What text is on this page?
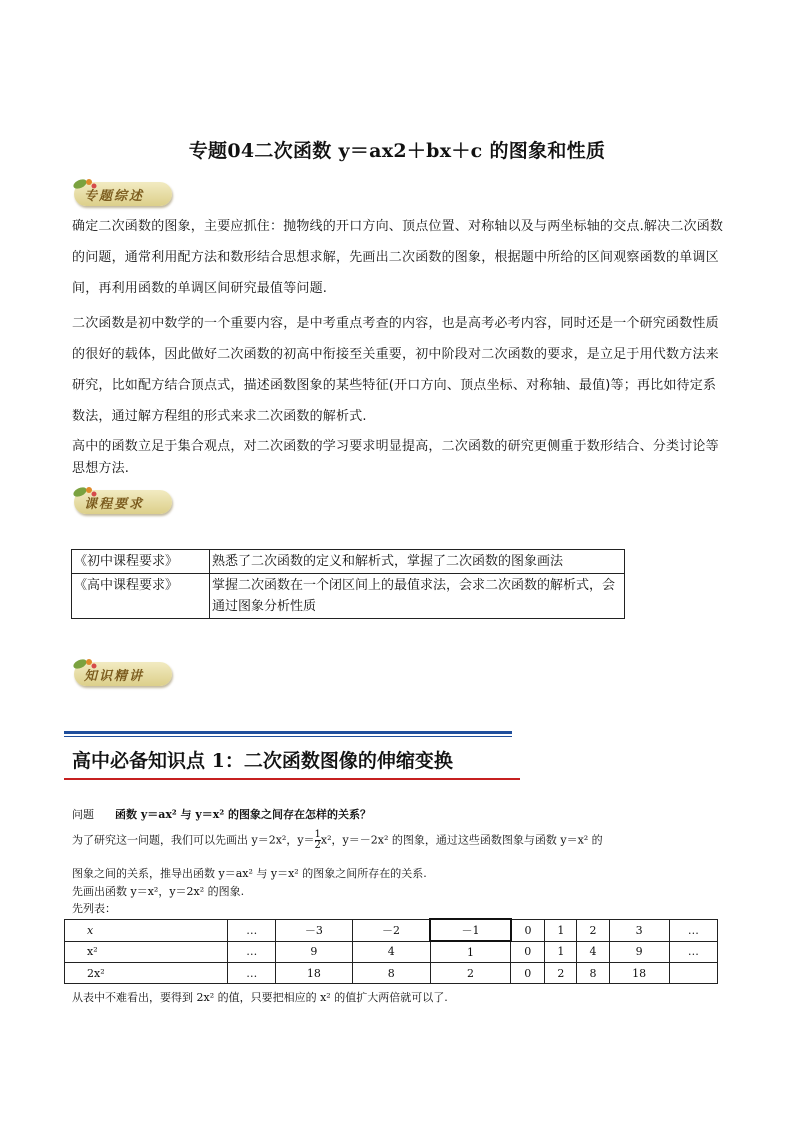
专题04二次函数 y＝ax2＋bx＋c 的图象和性质
专题综述

确定二次函数的图象，主要应抓住：抛物线的开口方向、顶点位置、对称轴以及与两坐标轴的交点.解决二次函数的问题，通常利用配方法和数形结合思想求解，先画出二次函数的图象，根据题中所给的区间观察函数的单调区间，再利用函数的单调区间研究最值等问题.

二次函数是初中数学的一个重要内容，是中考重点考查的内容，也是高考必考内容，同时还是一个研究函数性质的很好的载体，因此做好二次函数的初高中衔接至关重要，初中阶段对二次函数的要求，是立足于用代数方法来研究，比如配方结合顶点式，描述函数图象的某些特征(开口方向、顶点坐标、对称轴、最值)等；再比如待定系数法，通过解方程组的形式来求二次函数的解析式.

高中的函数立足于集合观点，对二次函数的学习要求明显提高，二次函数的研究更侧重于数形结合、分类讨论等思想方法.

课程要求
《初中课程要求》	熟悉了二次函数的定义和解析式，掌握了二次函数的图象画法
《高中课程要求》	掌握二次函数在一个闭区间上的最值求法，会求二次函数的解析式，会通过图象分析性质
知识精讲
高中必备知识点 1：二次函数图像的伸缩变换
问题 函数 y＝ax² 与 y＝x² 的图象之间存在怎样的关系？
为了研究这一问题，我们可以先画出 y＝2x²，$y= \frac{1}{2} x^2$，y＝－2x² 的图象，通过这些函数图象与函数 y＝x² 的
图象之间的关系，推导出函数 y＝ax² 与 y＝x² 的图象之间所存在的关系.
先画出函数 y＝x²，y＝2x² 的图象.
先列表：
x	…	－3	－2	－1	0	1	2	3	…
x²	…	9	4	1	0	1	4	9	…
2x²	…	18	8	2	0	2	8	18	
从表中不难看出，要得到 2x² 的值，只要把相应的 x² 的值扩大两倍就可以了.
